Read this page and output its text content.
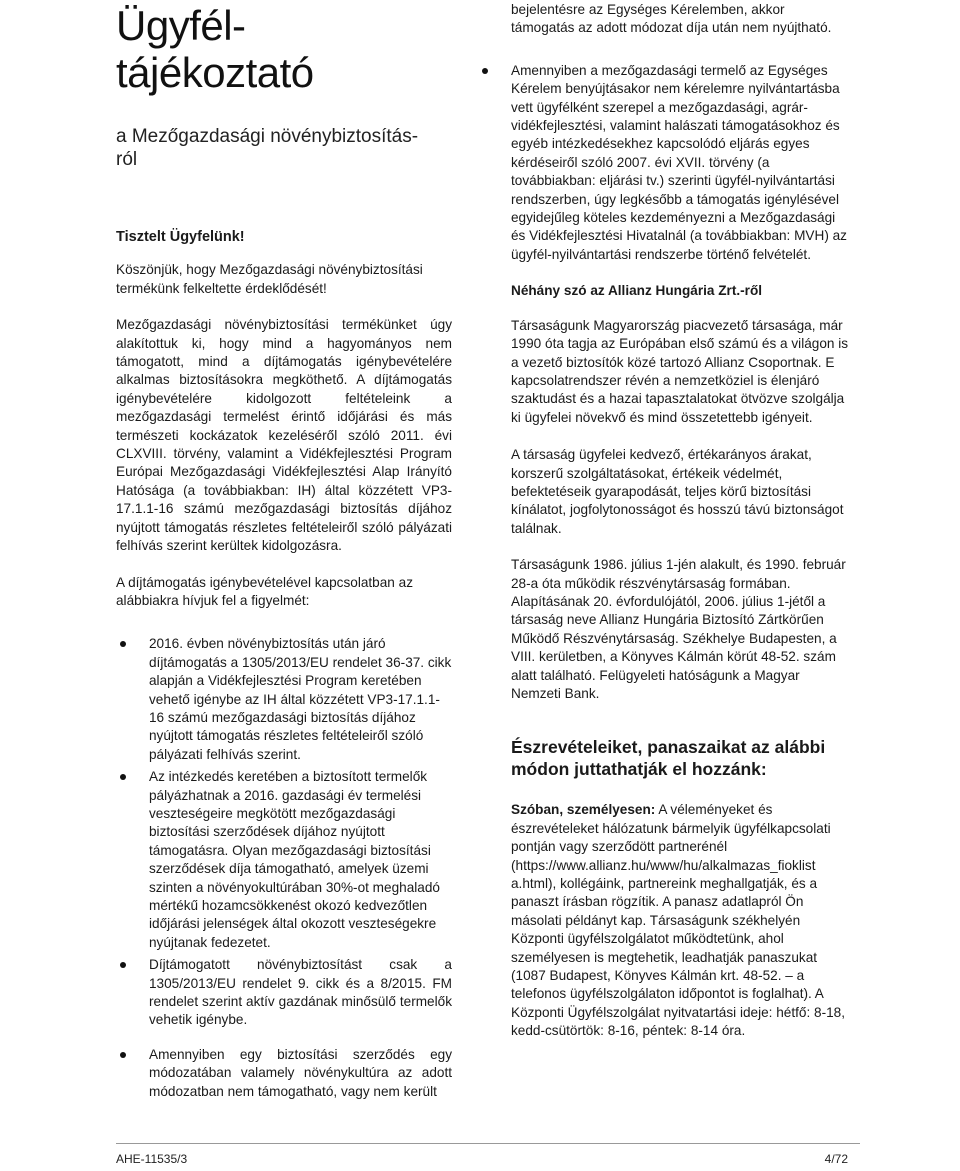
Ügyfél-
tájékoztató
a Mezőgazdasági növénybiztosítás-
ról

Tisztelt Ügyfelünk!

Köszönjük, hogy Mezőgazdasági növénybiztosítási termékünk felkeltette érdeklődését!

Mezőgazdasági növénybiztosítási termékünket úgy alakítottuk ki, hogy mind a hagyományos nem támogatott, mind a díjtámogatás igénybevételére alkalmas biztosításokra megköthető. A díjtámogatás igénybevételére kidolgozott feltételeink a mezőgazdasági termelést érintő időjárási és más természeti kockázatok kezeléséről szóló 2011. évi CLXVIII. törvény, valamint a Vidékfejlesztési Program Európai Mezőgazdasági Vidékfejlesztési Alap Irányító Hatósága (a továbbiakban: IH) által közzétett VP3-17.1.1-16 számú mezőgazdasági biztosítás díjához nyújtott támogatás részletes feltételeiről szóló pályázati felhívás szerint kerültek kidolgozásra.

A díjtámogatás igénybevételével kapcsolatban az alábbiakra hívjuk fel a figyelmét:

2016. évben növénybiztosítás után járó díjtámogatás a 1305/2013/EU rendelet 36-37. cikk alapján a Vidékfejlesztési Program keretében vehető igénybe az IH által közzétett VP3-17.1.1-16 számú mezőgazdasági biztosítás díjához nyújtott támogatás részletes feltételeiről szóló pályázati felhívás szerint.
Az intézkedés keretében a biztosított termelők pályázhatnak a 2016. gazdasági év termelési veszteségeire megkötött mezőgazdasági biztosítási szerződések díjához nyújtott támogatásra. Olyan mezőgazdasági biztosítási szerződések díja támogatható, amelyek üzemi szinten a növényokultúrában 30%-ot meghaladó mértékű hozamcsökkenést okozó kedvezőtlen időjárási jelenségek által okozott veszteségekre nyújtanak fedezetet.
Díjtámogatott növénybiztosítást csak a 1305/2013/EU rendelet 9. cikk és a 8/2015. FM rendelet szerint aktív gazdának minősülő termelők vehetik igénybe.
Amennyiben egy biztosítási szerződés egy módozatában valamely növénykultúra az adott módozatban nem támogatható, vagy nem került

bejelentésre az Egységes Kérelemben, akkor támogatás az adott módozat díja után nem nyújtható.

Amennyiben a mezőgazdasági termelő az Egységes Kérelem benyújtásakor nem kérelemre nyilvántartásba vett ügyfélként szerepel a mezőgazdasági, agrár-vidékfejlesztési, valamint halászati támogatásokhoz és egyéb intézkedésekhez kapcsolódó eljárás egyes kérdéseiről szóló 2007. évi XVII. törvény (a továbbiakban: eljárási tv.) szerinti ügyfél-nyilvántartási rendszerben, úgy legkésőbb a támogatás igénylésével egyidejűleg köteles kezdeményezni a Mezőgazdasági és Vidékfejlesztési Hivatalnál (a továbbiakban: MVH) az ügyfél-nyilvántartási rendszerbe történő felvételét.

Néhány szó az Allianz Hungária Zrt.-ről

Társaságunk Magyarország piacvezető társasága, már 1990 óta tagja az Európában első számú és a világon is a vezető biztosítók közé tartozó Allianz Csoportnak. E kapcsolatrendszer révén a nemzetköziel is élenjáró szaktudást és a hazai tapasztalatokat ötvözve szolgálja ki ügyfelei növekvő és mind összetettebb igényeit.

A társaság ügyfelei kedvező, értékarányos árakat, korszerű szolgáltatásokat, értékeik védelmét, befektetéseik gyarapodását, teljes körű biztosítási kínálatot, jogfolytonosságot és hosszú távú biztonságot találnak.

Társaságunk 1986. július 1-jén alakult, és 1990. február 28-a óta működik részvénytársaság formában. Alapításának 20. évfordulójától, 2006. július 1-jétől a társaság neve Allianz Hungária Biztosító Zártkörűen Működő Részvénytársaság. Székhelye Budapesten, a VIII. kerületben, a Könyves Kálmán körút 48-52. szám alatt található. Felügyeleti hatóságunk a Magyar Nemzeti Bank.

Észrevételeiket, panaszaikat az alábbi módon juttathatják el hozzánk:

Szóban, személyesen: A véleményeket és észrevételeket hálózatunk bármelyik ügyfélkapcsolati pontján vagy szerződött partnerénél (https://www.allianz.hu/www/hu/alkalmazas_fioklist a.html), kollégáink, partnereink meghallgatják, és a panaszt írásban rögzítik. A panasz adatlapról Ön másolati példányt kap. Társaságunk székhelyén Központi ügyfélszolgálatot működtetünk, ahol személyesen is megtehetik, leadhatják panaszukat (1087 Budapest, Könyves Kálmán krt. 48-52. – a telefonos ügyfélszolgálaton időpontot is foglalhat). A Központi Ügyfélszolgálat nyitvatartási ideje: hétfő: 8-18, kedd-csütörtök: 8-16, péntek: 8-14 óra.

AHE-11535/3	4/72
